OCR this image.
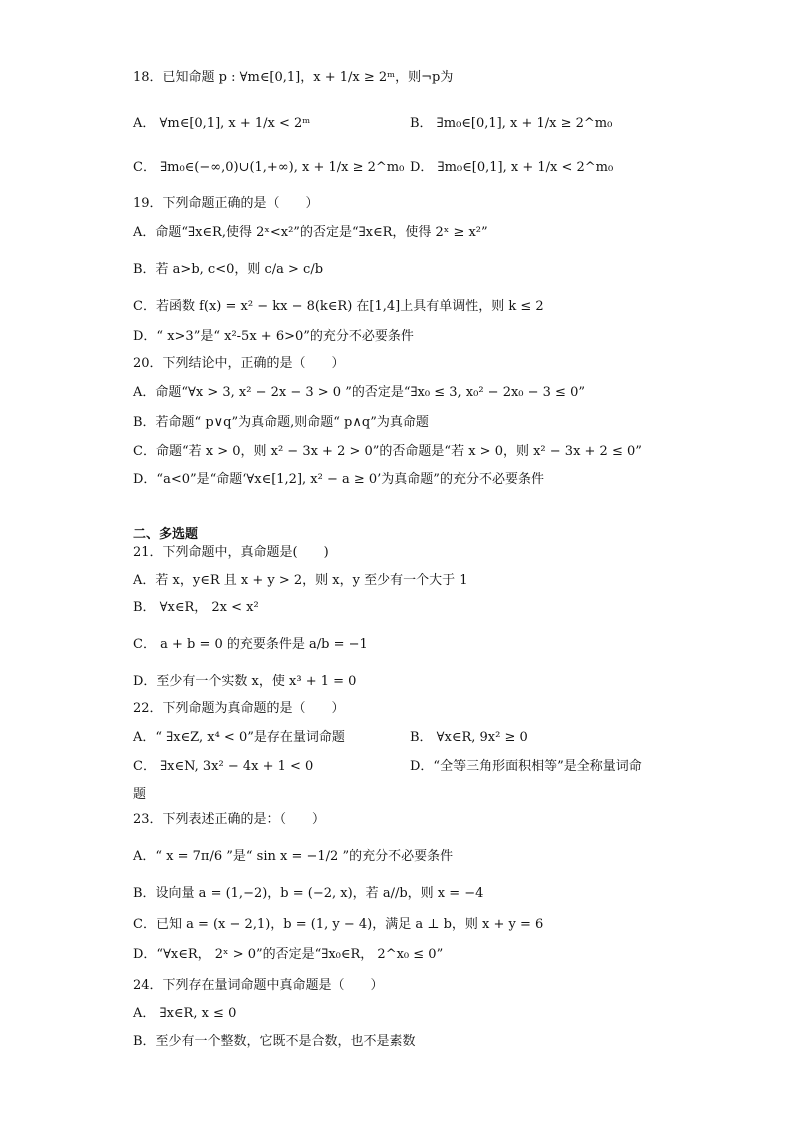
18．已知命题 p : ∀m∈[0,1]，x + 1/x ≥ 2ᵐ，则¬p为
A． ∀m∈[0,1], x + 1/x < 2ᵐ	B． ∃m₀∈[0,1], x + 1/x ≥ 2^m₀
C． ∃m₀∈(−∞,0)∪(1,+∞), x + 1/x ≥ 2^m₀ D． ∃m₀∈[0,1], x + 1/x < 2^m₀
19．下列命题正确的是（　　）
A．命题“∃x∈R,使得 2ˣ<x²”的否定是“∃x∈R，使得 2ˣ ≥ x²”
B．若 a>b, c<0，则 c/a > c/b
C．若函数 f(x) = x² − kx − 8(k∈R) 在[1,4]上具有单调性，则 k ≤ 2
D．“ x>3”是“ x²-5x + 6>0”的充分不必要条件
20．下列结论中，正确的是（　　）
A．命题“∀x > 3, x² − 2x − 3 > 0 ”的否定是“∃x₀ ≤ 3, x₀² − 2x₀ − 3 ≤ 0”
B．若命题“ p∨q”为真命题,则命题“ p∧q”为真命题
C．命题“若 x > 0，则 x² − 3x + 2 > 0”的否命题是“若 x > 0，则 x² − 3x + 2 ≤ 0”
D．“a<0”是“命题‘∀x∈[1,2], x² − a ≥ 0’为真命题”的充分不必要条件
二、多选题
21．下列命题中，真命题是(　　)
A．若 x，y∈R 且 x + y > 2，则 x，y 至少有一个大于 1
B． ∀x∈R， 2x < x²
C． a + b = 0 的充要条件是 a/b = −1
D．至少有一个实数 x，使 x³ + 1 = 0
22．下列命题为真命题的是（　　）
A．“ ∃x∈Z, x⁴ < 0”是存在量词命题	B． ∀x∈R, 9x² ≥ 0
C． ∃x∈N, 3x² − 4x + 1 < 0	D．“全等三角形面积相等”是全称量词命
题
23．下列表述正确的是：（　　）
A．“ x = 7π/6 ”是“ sin x = −1/2 ”的充分不必要条件
B．设向量 a = (1,−2)，b = (−2, x)，若 a//b，则 x = −4
C．已知 a = (x − 2,1)，b = (1, y − 4)，满足 a ⊥ b，则 x + y = 6
D．“∀x∈R， 2ˣ > 0”的否定是“∃x₀∈R， 2^x₀ ≤ 0”
24．下列存在量词命题中真命题是（　　）
A． ∃x∈R, x ≤ 0
B．至少有一个整数，它既不是合数，也不是素数
